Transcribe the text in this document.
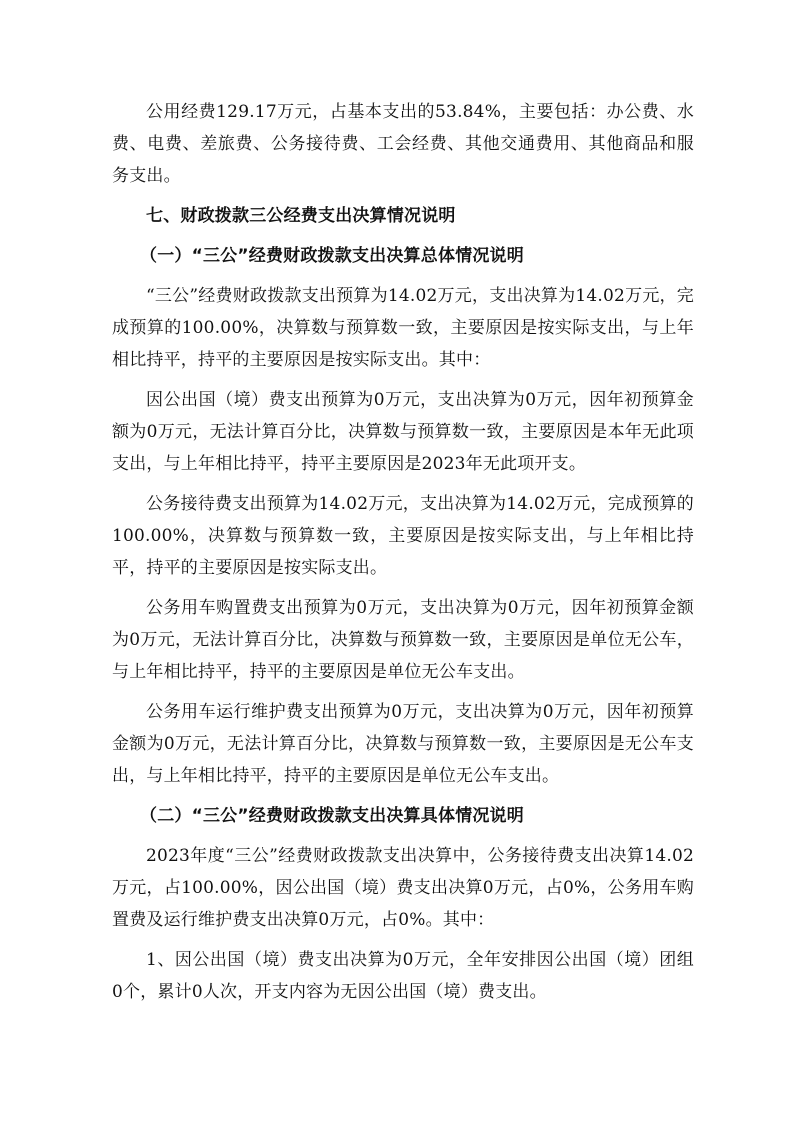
公用经费129.17万元，占基本支出的53.84%，主要包括：办公费、水费、电费、差旅费、公务接待费、工会经费、其他交通费用、其他商品和服务支出。

七、财政拨款三公经费支出决算情况说明
（一）“三公”经费财政拨款支出决算总体情况说明

“三公”经费财政拨款支出预算为14.02万元，支出决算为14.02万元，完成预算的100.00%，决算数与预算数一致，主要原因是按实际支出，与上年相比持平，持平的主要原因是按实际支出。其中：

因公出国（境）费支出预算为0万元，支出决算为0万元，因年初预算金额为0万元，无法计算百分比，决算数与预算数一致，主要原因是本年无此项支出，与上年相比持平，持平主要原因是2023年无此项开支。

公务接待费支出预算为14.02万元，支出决算为14.02万元，完成预算的100.00%，决算数与预算数一致，主要原因是按实际支出，与上年相比持平，持平的主要原因是按实际支出。

公务用车购置费支出预算为0万元，支出决算为0万元，因年初预算金额为0万元，无法计算百分比，决算数与预算数一致，主要原因是单位无公车，与上年相比持平，持平的主要原因是单位无公车支出。

公务用车运行维护费支出预算为0万元，支出决算为0万元，因年初预算金额为0万元，无法计算百分比，决算数与预算数一致，主要原因是无公车支出，与上年相比持平，持平的主要原因是单位无公车支出。

（二）“三公”经费财政拨款支出决算具体情况说明

2023年度“三公”经费财政拨款支出决算中，公务接待费支出决算14.02万元，占100.00%，因公出国（境）费支出决算0万元，占0%，公务用车购置费及运行维护费支出决算0万元，占0%。其中：

1、因公出国（境）费支出决算为0万元，全年安排因公出国（境）团组0个，累计0人次，开支内容为无因公出国（境）费支出。
